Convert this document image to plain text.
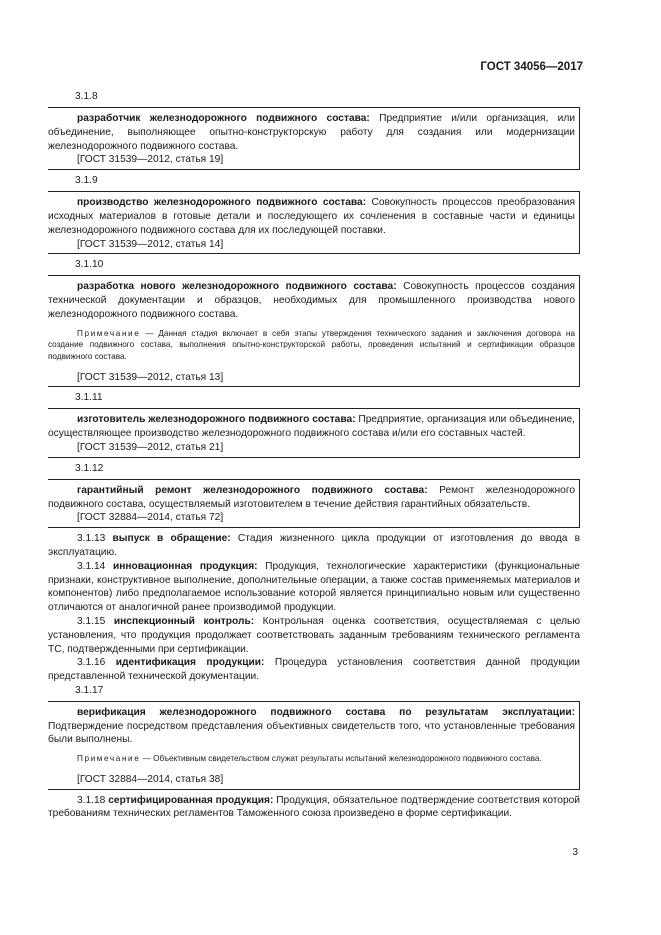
ГОСТ 34056—2017
3.1.8

разработчик железнодорожного подвижного состава: Предприятие и/или организация, или объединение, выполняющее опытно-конструкторскую работу для создания или модернизации железнодорожного подвижного состава.

[ГОСТ 31539—2012, статья 19]

3.1.9

производство железнодорожного подвижного состава: Совокупность процессов преобразования исходных материалов в готовые детали и последующего их сочленения в составные части и единицы железнодорожного подвижного состава для их последующей поставки.

[ГОСТ 31539—2012, статья 14]

3.1.10

разработка нового железнодорожного подвижного состава: Совокупность процессов создания технической документации и образцов, необходимых для промышленного производства нового железнодорожного подвижного состава.

Примечание — Данная стадия включает в себя этапы утверждения технического задания и заключения договора на создание подвижного состава, выполнения опытно-конструкторской работы, проведения испытаний и сертификации образцов подвижного состава.

[ГОСТ 31539—2012, статья 13]

3.1.11

изготовитель железнодорожного подвижного состава: Предприятие, организация или объединение, осуществляющее производство железнодорожного подвижного состава и/или его составных частей.

[ГОСТ 31539—2012, статья 21]

3.1.12

гарантийный ремонт железнодорожного подвижного состава: Ремонт железнодорожного подвижного состава, осуществляемый изготовителем в течение действия гарантийных обязательств.

[ГОСТ 32884—2014, статья 72]

3.1.13 выпуск в обращение: Стадия жизненного цикла продукции от изготовления до ввода в эксплуатацию.

3.1.14 инновационная продукция: Продукция, технологические характеристики (функциональные признаки, конструктивное выполнение, дополнительные операции, а также состав применяемых материалов и компонентов) либо предполагаемое использование которой является принципиально новым или существенно отличаются от аналогичной ранее производимой продукции.

3.1.15 инспекционный контроль: Контрольная оценка соответствия, осуществляемая с целью установления, что продукция продолжает соответствовать заданным требованиям технического регламента ТС, подтвержденными при сертификации.

3.1.16 идентификация продукции: Процедура установления соответствия данной продукции представленной технической документации.

3.1.17

верификация железнодорожного подвижного состава по результатам эксплуатации: Подтверждение посредством представления объективных свидетельств того, что установленные требования были выполнены.

Примечание — Объективным свидетельством служат результаты испытаний железнодорожного подвижного состава.

[ГОСТ 32884—2014, статья 38]

3.1.18 сертифицированная продукция: Продукция, обязательное подтверждение соответствия которой требованиям технических регламентов Таможенного союза произведено в форме сертификации.

3
